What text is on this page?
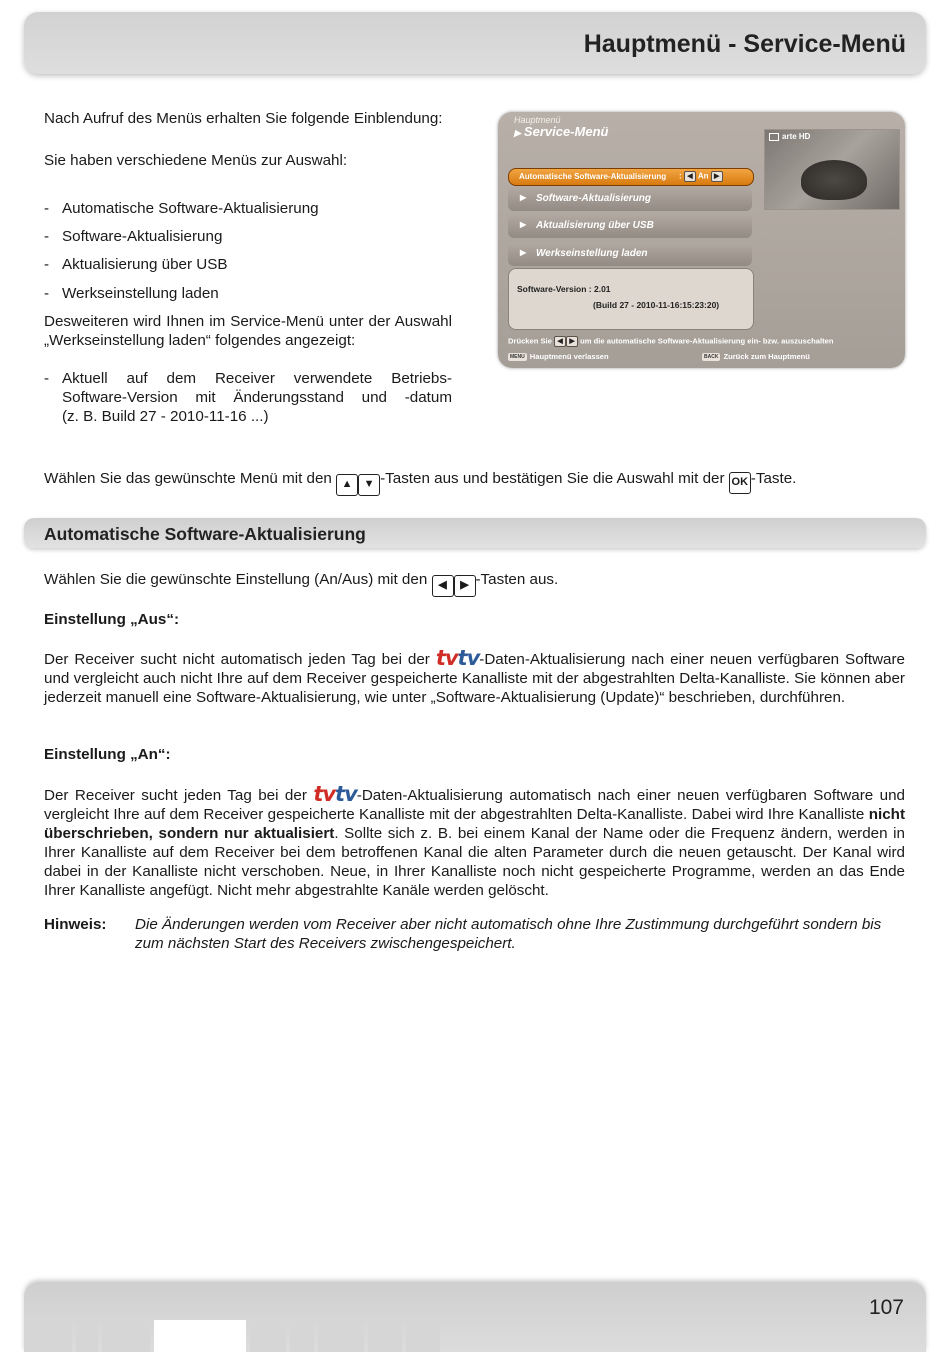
Hauptmenü - Service-Menü
Nach Aufruf des Menüs erhalten Sie folgende Einblendung:
Sie haben verschiedene Menüs zur Auswahl:
- Automatische Software-Aktualisierung
- Software-Aktualisierung
- Aktualisierung über USB
- Werkseinstellung laden
Desweiteren wird Ihnen im Service-Menü unter der Auswahl „Werkseinstellung laden“ folgendes angezeigt:
- Aktuell auf dem Receiver verwendete Betriebs-
Software-Version mit Änderungsstand und -datum
(z. B. Build 27 - 2010-11-16 ...)
Hauptmenü
▶ Service-Menü	arte HD
Automatische Software-Aktualisierung : ◀ An ▶
▶ Software-Aktualisierung
▶ Aktualisierung über USB
▶ Werkseinstellung laden
Software-Version : 2.01
(Build 27 - 2010-11-16:15:23:20)
Drücken Sie ◀ ▶ um die automatische Software-Aktualisierung ein- bzw. auszuschalten
MENU Hauptmenü verlassen	BACK Zurück zum Hauptmenü
Wählen Sie das gewünschte Menü mit den ▲ ▼ -Tasten aus und bestätigen Sie die Auswahl mit der OK -Taste.
Automatische Software-Aktualisierung
Wählen Sie die gewünschte Einstellung (An/Aus) mit den ◀ ▶ -Tasten aus.
Einstellung „Aus“:
Der Receiver sucht nicht automatisch jeden Tag bei der tvtv-Daten-Aktualisierung nach einer neuen verfügbaren Software und vergleicht auch nicht Ihre auf dem Receiver gespeicherte Kanalliste mit der abgestrahlten Delta-Kanalliste. Sie können aber jederzeit manuell eine Software-Aktualisierung, wie unter „Software-Aktualisierung (Update)“ beschrieben, durchführen.
Einstellung „An“:
Der Receiver sucht jeden Tag bei der tvtv-Daten-Aktualisierung automatisch nach einer neuen verfügbaren Software und vergleicht Ihre auf dem Receiver gespeicherte Kanalliste mit der abgestrahlten Delta-Kanalliste. Dabei wird Ihre Kanalliste nicht überschrieben, sondern nur aktualisiert. Sollte sich z. B. bei einem Kanal der Name oder die Frequenz ändern, werden in Ihrer Kanalliste auf dem Receiver bei dem betroffenen Kanal die alten Parameter durch die neuen getauscht. Der Kanal wird dabei in der Kanalliste nicht verschoben. Neue, in Ihrer Kanalliste noch nicht gespeicherte Programme, werden an das Ende Ihrer Kanalliste angefügt. Nicht mehr abgestrahlte Kanäle werden gelöscht.
Hinweis: Die Änderungen werden vom Receiver aber nicht automatisch ohne Ihre Zustimmung durchgeführt sondern bis zum nächsten Start des Receivers zwischengespeichert.
107
